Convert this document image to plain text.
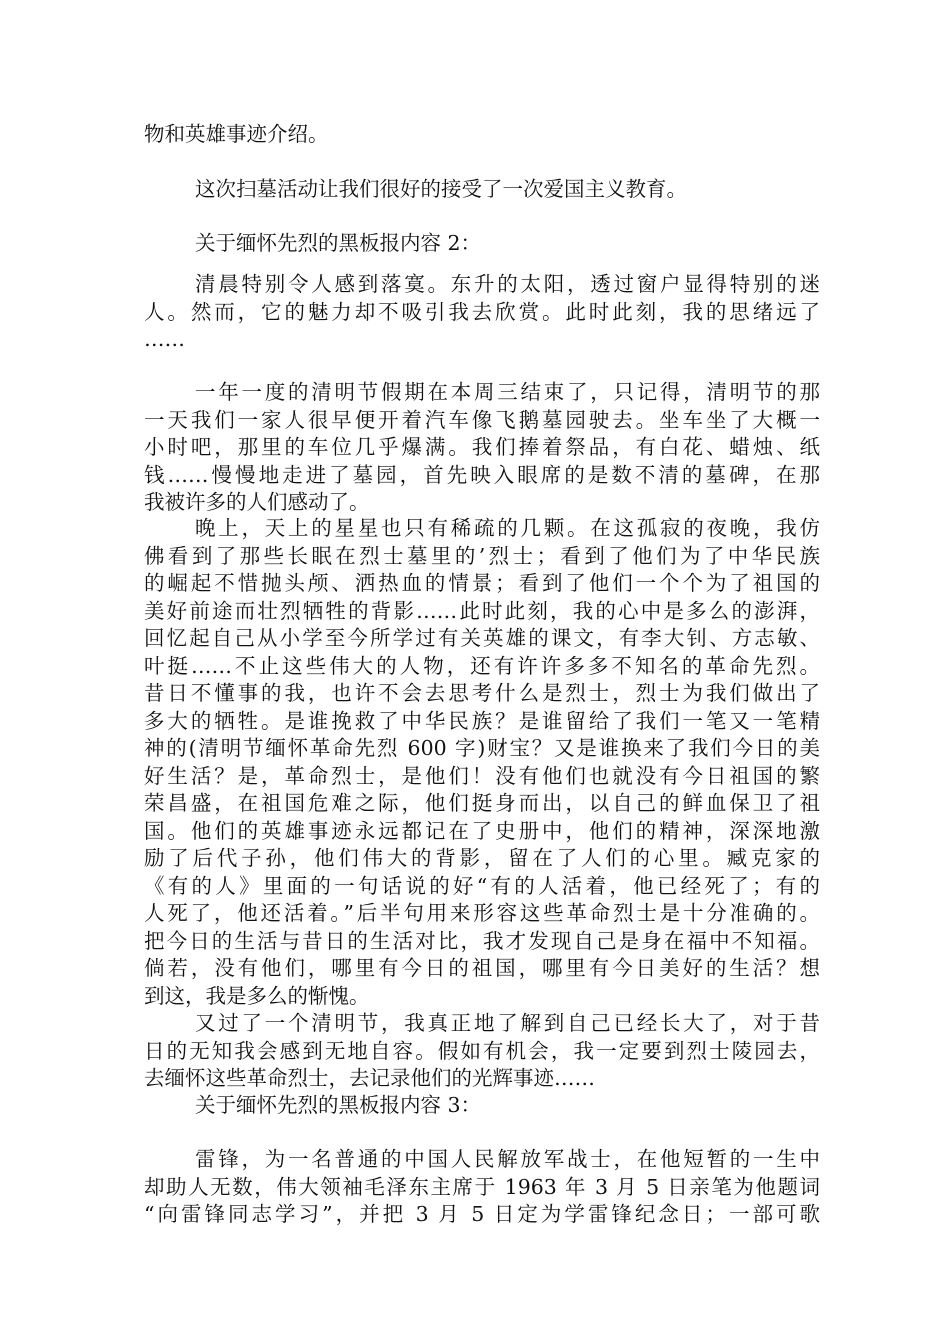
物和英雄事迹介绍。
这次扫墓活动让我们很好的接受了一次爱国主义教育。
关于缅怀先烈的黑板报内容 2：
清晨特别令人感到落寞。东升的太阳，透过窗户显得特别的迷
人。然而，它的魅力却不吸引我去欣赏。此时此刻，我的思绪远了
……
一年一度的清明节假期在本周三结束了，只记得，清明节的那
一天我们一家人很早便开着汽车像飞鹅墓园驶去。坐车坐了大概一
小时吧，那里的车位几乎爆满。我们捧着祭品，有白花、蜡烛、纸
钱……慢慢地走进了墓园，首先映入眼席的是数不清的墓碑，在那
我被许多的人们感动了。
晚上，天上的星星也只有稀疏的几颗。在这孤寂的夜晚，我仿
佛看到了那些长眠在烈士墓里的’烈士；看到了他们为了中华民族
的崛起不惜抛头颅、洒热血的情景；看到了他们一个个为了祖国的
美好前途而壮烈牺牲的背影……此时此刻，我的心中是多么的澎湃，
回忆起自己从小学至今所学过有关英雄的课文，有李大钊、方志敏、
叶挺……不止这些伟大的人物，还有许许多多不知名的革命先烈。
昔日不懂事的我，也许不会去思考什么是烈士，烈士为我们做出了
多大的牺牲。是谁挽救了中华民族？是谁留给了我们一笔又一笔精
神的(清明节缅怀革命先烈 600 字)财宝？又是谁换来了我们今日的美
好生活？是，革命烈士，是他们！没有他们也就没有今日祖国的繁
荣昌盛，在祖国危难之际，他们挺身而出，以自己的鲜血保卫了祖
国。他们的英雄事迹永远都记在了史册中，他们的精神，深深地激
励了后代子孙，他们伟大的背影，留在了人们的心里。臧克家的
《有的人》里面的一句话说的好“有的人活着，他已经死了；有的
人死了，他还活着。”后半句用来形容这些革命烈士是十分准确的。
把今日的生活与昔日的生活对比，我才发现自己是身在福中不知福。
倘若，没有他们，哪里有今日的祖国，哪里有今日美好的生活？想
到这，我是多么的惭愧。
又过了一个清明节，我真正地了解到自己已经长大了，对于昔
日的无知我会感到无地自容。假如有机会，我一定要到烈士陵园去，
去缅怀这些革命烈士，去记录他们的光辉事迹……
关于缅怀先烈的黑板报内容 3：
雷锋，为一名普通的中国人民解放军战士，在他短暂的一生中
却助人无数，伟大领袖毛泽东主席于 1963 年 3 月 5 日亲笔为他题词
“向雷锋同志学习”，并把 3 月 5 日定为学雷锋纪念日；一部可歌
